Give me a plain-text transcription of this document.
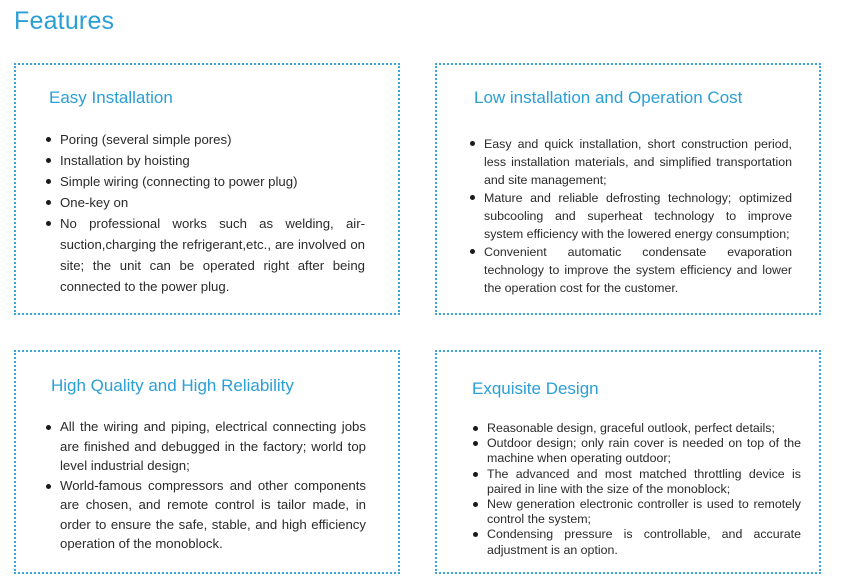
Features
Easy Installation
Poring (several simple pores)
Installation by hoisting
Simple wiring (connecting to power plug)
One-key on
No professional works such as welding, air-suction,charging the refrigerant,etc., are involved on site; the unit can be operated right after being connected to the power plug.
Low installation and Operation Cost
Easy and quick installation, short construction period, less installation materials, and simplified transportation and site management;
Mature and reliable defrosting technology; optimized subcooling and superheat technology to improve system efficiency with the lowered energy consumption;
Convenient automatic condensate evaporation technology to improve the system efficiency and lower the operation cost for the customer.
High Quality and High Reliability
All the wiring and piping, electrical connecting jobs are finished and debugged in the factory; world top level industrial design;
World-famous compressors and other components are chosen, and remote control is tailor made, in order to ensure the safe, stable, and high efficiency operation of the monoblock.
Exquisite Design
Reasonable design, graceful outlook, perfect details;
Outdoor design; only rain cover is needed on top of the machine when operating outdoor;
The advanced and most matched throttling device is paired in line with the size of the monoblock;
New generation electronic controller is used to remotely control the system;
Condensing pressure is controllable, and accurate adjustment is an option.
